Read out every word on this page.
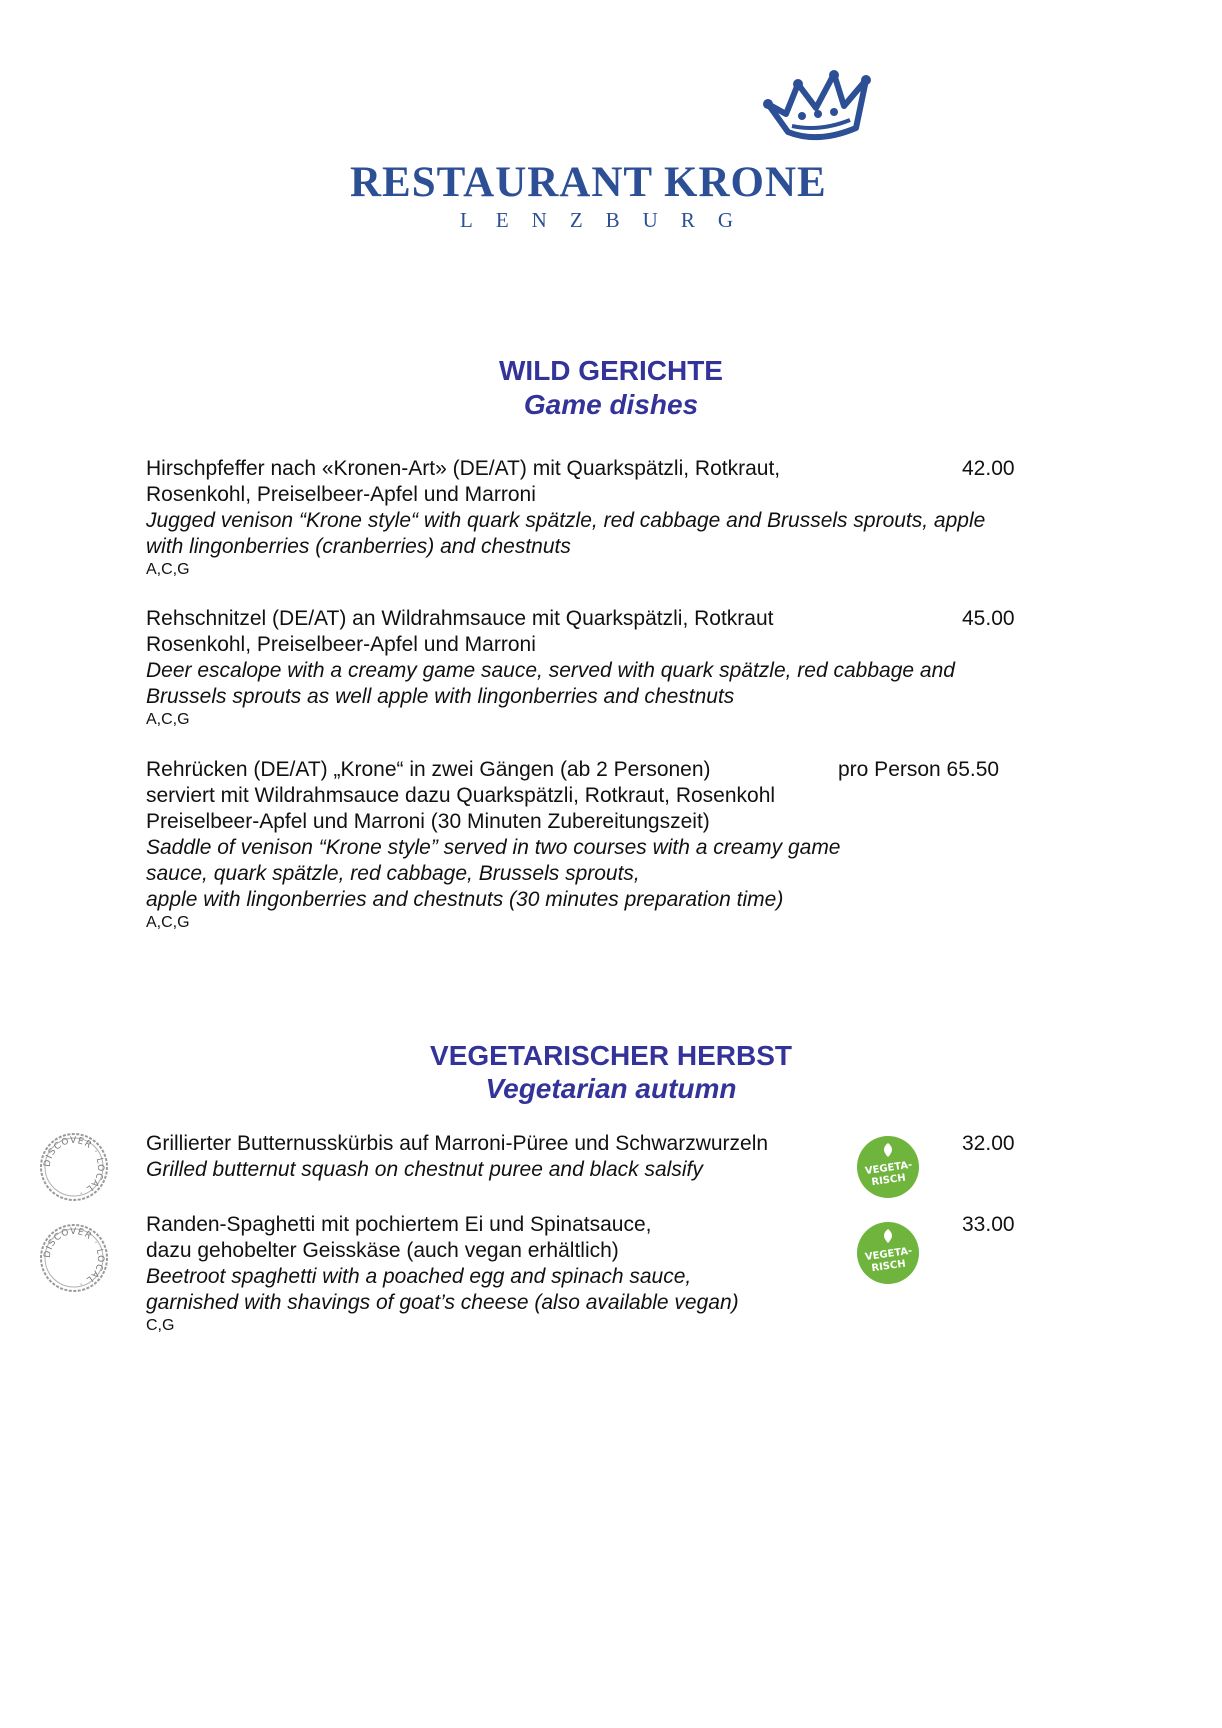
RESTAURANT KRONE
LENZBURG
WILD GERICHTE
Game dishes
Hirschpfeffer nach «Kronen-Art» (DE/AT) mit Quarkspätzli, Rotkraut,
Rosenkohl, Preiselbeer-Apfel und Marroni
Jugged venison “Krone style“ with quark spätzle, red cabbage and Brussels sprouts, apple
with lingonberries (cranberries) and chestnuts
A,C,G
42.00
Rehschnitzel (DE/AT) an Wildrahmsauce mit Quarkspätzli, Rotkraut
Rosenkohl, Preiselbeer-Apfel und Marroni
Deer escalope with a creamy game sauce, served with quark spätzle, red cabbage and
Brussels sprouts as well apple with lingonberries and chestnuts
A,C,G
45.00
Rehrücken (DE/AT) „Krone“ in zwei Gängen (ab 2 Personen)
serviert mit Wildrahmsauce dazu Quarkspätzli, Rotkraut, Rosenkohl
Preiselbeer-Apfel und Marroni (30 Minuten Zubereitungszeit)
Saddle of venison “Krone style” served in two courses with a creamy game
sauce, quark spätzle, red cabbage, Brussels sprouts,
apple with lingonberries and chestnuts (30 minutes preparation time)
A,C,G
pro Person 65.50
VEGETARISCHER HERBST
Vegetarian autumn
Grillierter Butternusskürbis auf Marroni-Püree und Schwarzwurzeln
Grilled butternut squash on chestnut puree and black salsify
32.00
Randen-Spaghetti mit pochiertem Ei und Spinatsauce,
dazu gehobelter Geisskäse (auch vegan erhältlich)
Beetroot spaghetti with a poached egg and spinach sauce,
garnished with shavings of goat’s cheese (also available vegan)
C,G
33.00
DISCOVER · LOCAL ·
DISCOVER · LOCAL ·
VEGETA-
RISCH
VEGETA-
RISCH
